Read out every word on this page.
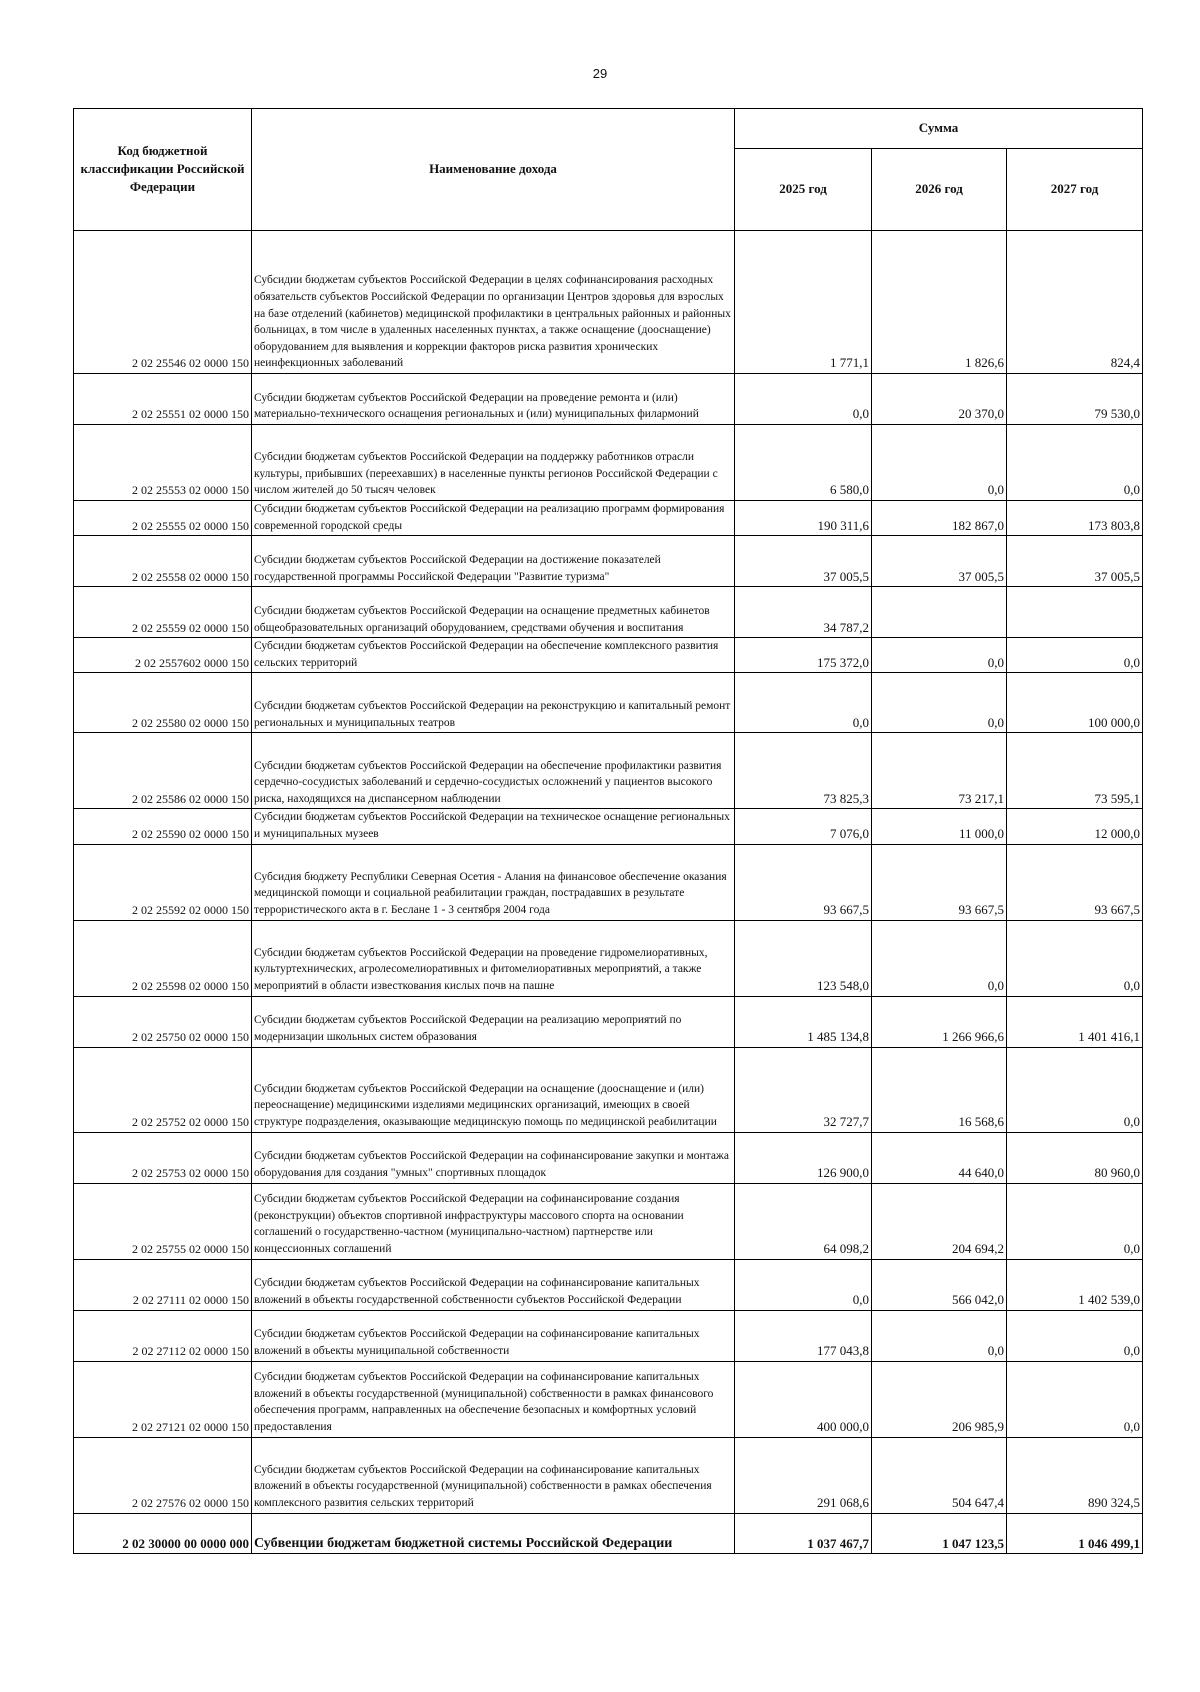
29
Код бюджетной классификации Российской Федерации	Наименование дохода	Сумма		
		2025 год	2026 год	2027 год
2 02 25546 02 0000 150	Субсидии бюджетам субъектов Российской Федерации в целях софинансирования расходных обязательств субъектов Российской Федерации по организации Центров здоровья для взрослых на базе отделений (кабинетов) медицинской профилактики в центральных районных и районных больницах, в том числе в удаленных населенных пунктах, а также оснащение (дооснащение) оборудованием для выявления и коррекции факторов риска развития хронических неинфекционных заболеваний	1 771,1	1 826,6	824,4
2 02 25551 02 0000 150	Субсидии бюджетам субъектов Российской Федерации на проведение ремонта и (или) материально-технического оснащения региональных и (или) муниципальных филармоний	0,0	20 370,0	79 530,0
2 02 25553 02 0000 150	Субсидии бюджетам субъектов Российской Федерации на поддержку работников отрасли культуры, прибывших (переехавших) в населенные пункты регионов Российской Федерации с числом жителей до 50 тысяч человек	6 580,0	0,0	0,0
2 02 25555 02 0000 150	Субсидии бюджетам субъектов Российской Федерации на реализацию программ формирования современной городской среды	190 311,6	182 867,0	173 803,8
2 02 25558 02 0000 150	Субсидии бюджетам субъектов Российской Федерации на достижение показателей государственной программы Российской Федерации "Развитие туризма"	37 005,5	37 005,5	37 005,5
2 02 25559 02 0000 150	Субсидии бюджетам субъектов Российской Федерации на оснащение предметных кабинетов общеобразовательных организаций оборудованием, средствами обучения и воспитания	34 787,2		
2 02 2557602 0000 150	Субсидии бюджетам субъектов Российской Федерации на обеспечение комплексного развития сельских территорий	175 372,0	0,0	0,0
2 02 25580 02 0000 150	Субсидии бюджетам субъектов Российской Федерации на реконструкцию и капитальный ремонт региональных и муниципальных театров	0,0	0,0	100 000,0
2 02 25586 02 0000 150	Субсидии бюджетам субъектов Российской Федерации на обеспечение профилактики развития сердечно-сосудистых заболеваний и сердечно-сосудистых осложнений у пациентов высокого риска, находящихся на диспансерном наблюдении	73 825,3	73 217,1	73 595,1
2 02 25590 02 0000 150	Субсидии бюджетам субъектов Российской Федерации на техническое оснащение региональных и муниципальных музеев	7 076,0	11 000,0	12 000,0
2 02 25592 02 0000 150	Субсидия бюджету Республики Северная Осетия - Алания на финансовое обеспечение оказания медицинской помощи и социальной реабилитации граждан, пострадавших в результате террористического акта в г. Беслане 1 - 3 сентября 2004 года	93 667,5	93 667,5	93 667,5
2 02 25598 02 0000 150	Субсидии бюджетам субъектов Российской Федерации на проведение гидромелиоративных, культуртехнических, агролесомелиоративных и фитомелиоративных мероприятий, а также мероприятий в области известкования кислых почв на пашне	123 548,0	0,0	0,0
2 02 25750 02 0000 150	Субсидии бюджетам субъектов Российской Федерации на реализацию мероприятий по модернизации школьных систем образования	1 485 134,8	1 266 966,6	1 401 416,1
2 02 25752 02 0000 150	Субсидии бюджетам субъектов Российской Федерации на оснащение (дооснащение и (или) переоснащение) медицинскими изделиями медицинских организаций, имеющих в своей структуре подразделения, оказывающие медицинскую помощь по медицинской реабилитации	32 727,7	16 568,6	0,0
2 02 25753 02 0000 150	Субсидии бюджетам субъектов Российской Федерации на софинансирование закупки и монтажа оборудования для создания "умных" спортивных площадок	126 900,0	44 640,0	80 960,0
2 02 25755 02 0000 150	Субсидии бюджетам субъектов Российской Федерации на софинансирование создания (реконструкции) объектов спортивной инфраструктуры массового спорта на основании соглашений о государственно-частном (муниципально-частном) партнерстве или концессионных соглашений	64 098,2	204 694,2	0,0
2 02 27111 02 0000 150	Субсидии бюджетам субъектов Российской Федерации на софинансирование капитальных вложений в объекты государственной собственности субъектов Российской Федерации	0,0	566 042,0	1 402 539,0
2 02 27112 02 0000 150	Субсидии бюджетам субъектов Российской Федерации на софинансирование капитальных вложений в объекты муниципальной собственности	177 043,8	0,0	0,0
2 02 27121 02 0000 150	Субсидии бюджетам субъектов Российской Федерации на софинансирование капитальных вложений в объекты государственной (муниципальной) собственности в рамках финансового обеспечения программ, направленных на обеспечение безопасных и комфортных условий предоставления	400 000,0	206 985,9	0,0
2 02 27576 02 0000 150	Субсидии бюджетам субъектов Российской Федерации на софинансирование капитальных вложений в объекты государственной (муниципальной) собственности в рамках обеспечения комплексного развития сельских территорий	291 068,6	504 647,4	890 324,5
2 02 30000 00 0000 000	Субвенции бюджетам бюджетной системы Российской Федерации	1 037 467,7	1 047 123,5	1 046 499,1
